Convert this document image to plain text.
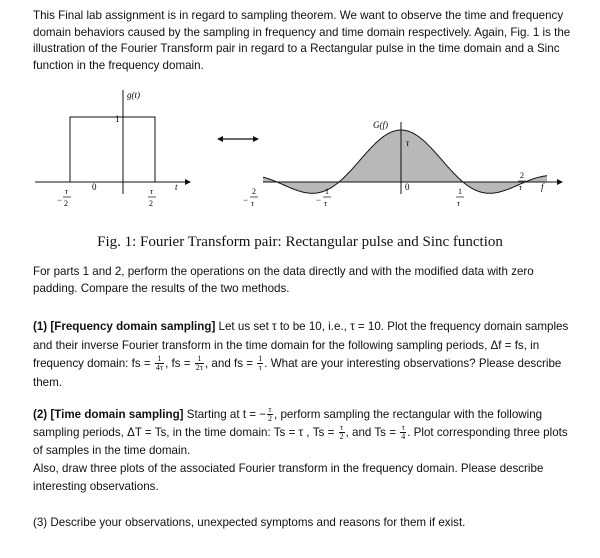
This Final lab assignment is in regard to sampling theorem. We want to observe the time and frequency domain behaviors caused by the sampling in frequency and time domain respectively. Again, Fig. 1 is the illustration of the Fourier Transform pair in regard to a Rectangular pulse in the time domain and a Sinc function in the frequency domain.

g(t)
1
t
−
τ
2
0	τ
2
G(f)
τ
f
−
2
τ	−
1
τ
0	1
τ
2
τ
Fig. 1: Fourier Transform pair: Rectangular pulse and Sinc function

For parts 1 and 2, perform the operations on the data directly and with the modified data with zero padding. Compare the results of the two methods.

(1) [Frequency domain sampling] Let us set τ to be 10, i.e., τ = 10. Plot the frequency domain samples and their inverse Fourier transform in the time domain for the following sampling periods, Δf = fs, in frequency domain: fs = $\frac{1}{4\tau}$ , fs = $\frac{1}{2\tau}$ , and fs = $\frac{1}{\tau}$ . What are your interesting observations? Please describe them.

(2) [Time domain sampling] Starting at t = − $\frac{\tau}{2}$ , perform sampling the rectangular with the following sampling periods, ΔT = Ts, in the time domain: Ts = τ , $Ts = \frac{\tau}{2}$ , and $Ts = \frac{\tau}{4}$ . Plot corresponding three plots of samples in the time domain.
Also, draw three plots of the associated Fourier transform in the frequency domain. Please describe interesting observations.

(3) Describe your observations, unexpected symptoms and reasons for them if exist.
